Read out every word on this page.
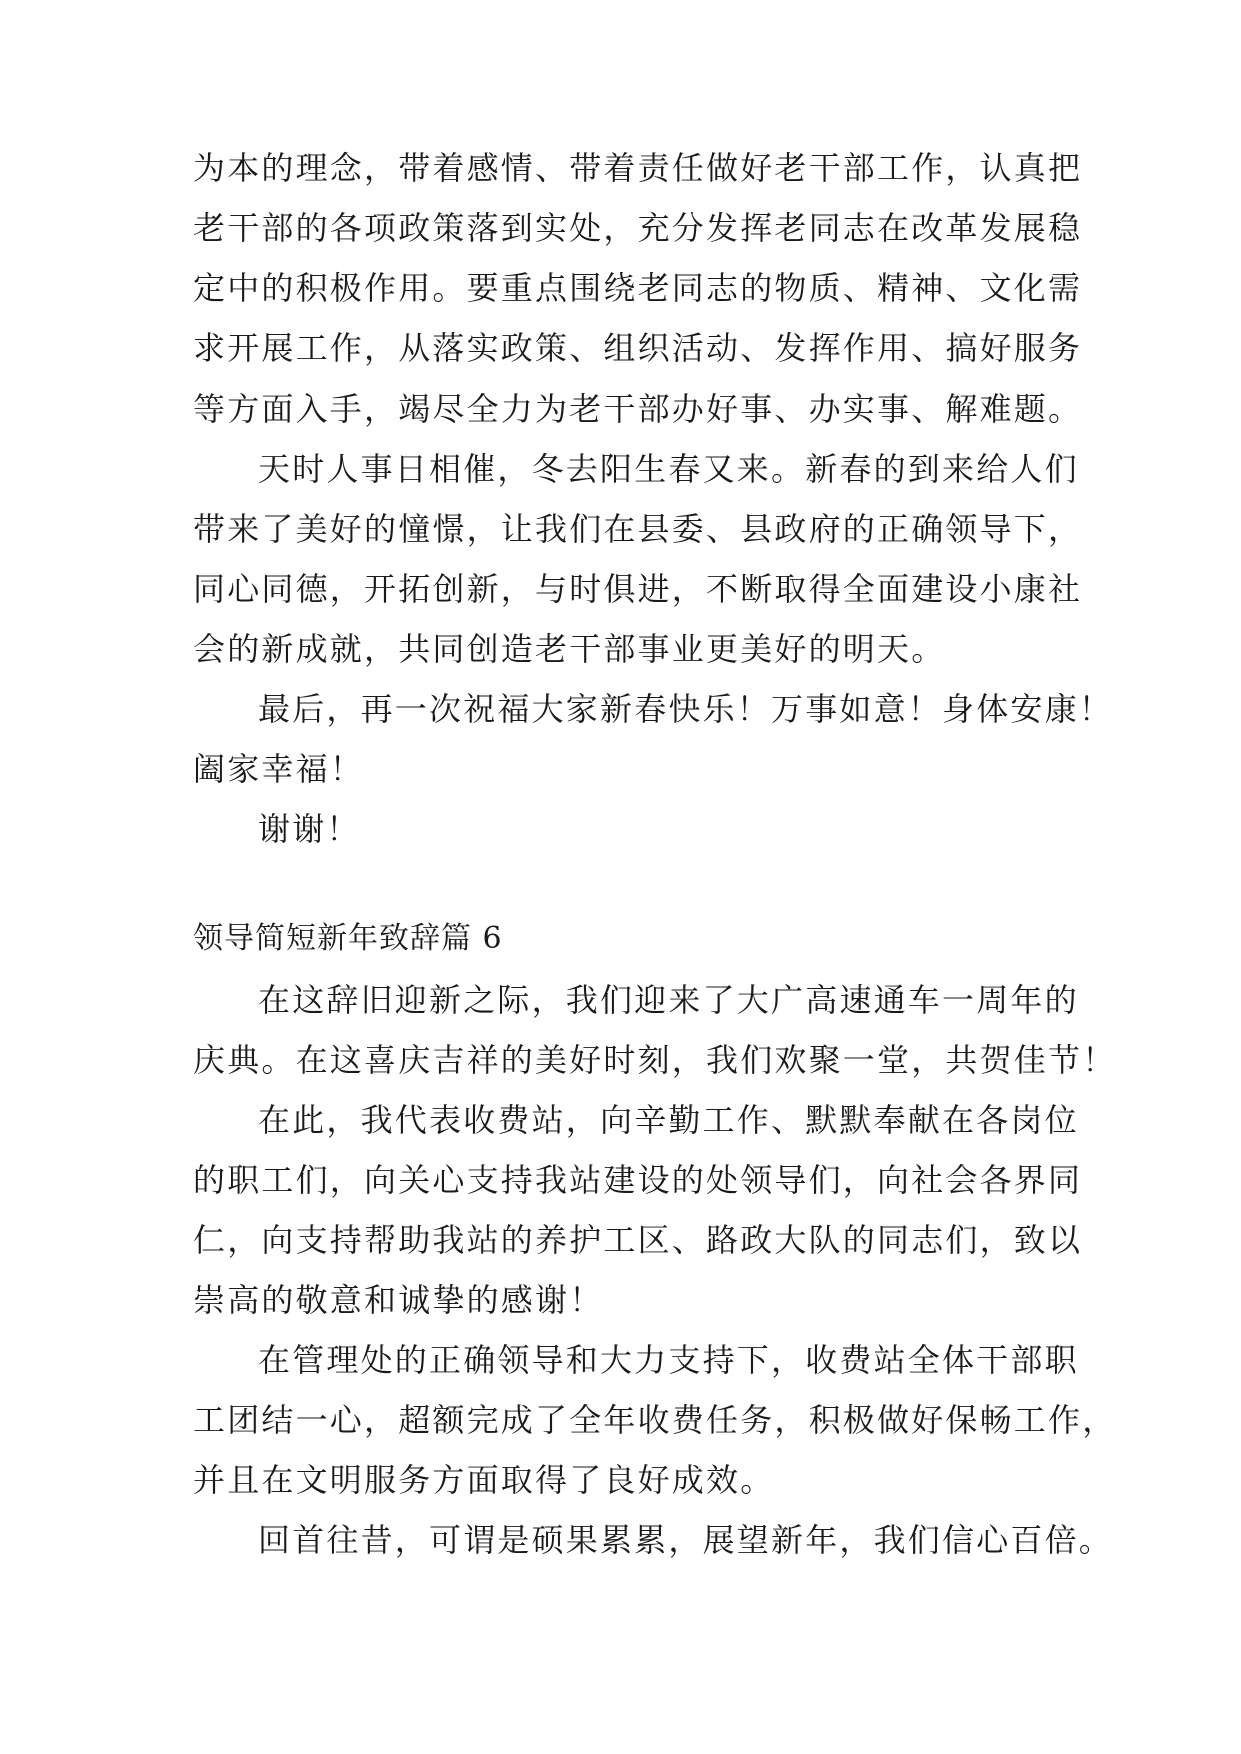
为本的理念，带着感情、带着责任做好老干部工作，认真把
老干部的各项政策落到实处，充分发挥老同志在改革发展稳
定中的积极作用。要重点围绕老同志的物质、精神、文化需
求开展工作，从落实政策、组织活动、发挥作用、搞好服务
等方面入手，竭尽全力为老干部办好事、办实事、解难题。
天时人事日相催，冬去阳生春又来。新春的到来给人们
带来了美好的憧憬，让我们在县委、县政府的正确领导下，
同心同德，开拓创新，与时俱进，不断取得全面建设小康社
会的新成就，共同创造老干部事业更美好的明天。
最后，再一次祝福大家新春快乐！万事如意！身体安康！
阖家幸福！
谢谢！
领导简短新年致辞篇 6
在这辞旧迎新之际，我们迎来了大广高速通车一周年的
庆典。在这喜庆吉祥的美好时刻，我们欢聚一堂，共贺佳节！
在此，我代表收费站，向辛勤工作、默默奉献在各岗位
的职工们，向关心支持我站建设的处领导们，向社会各界同
仁，向支持帮助我站的养护工区、路政大队的同志们，致以
崇高的敬意和诚挚的感谢！
在管理处的正确领导和大力支持下，收费站全体干部职
工团结一心，超额完成了全年收费任务，积极做好保畅工作，
并且在文明服务方面取得了良好成效。
回首往昔，可谓是硕果累累，展望新年，我们信心百倍。
